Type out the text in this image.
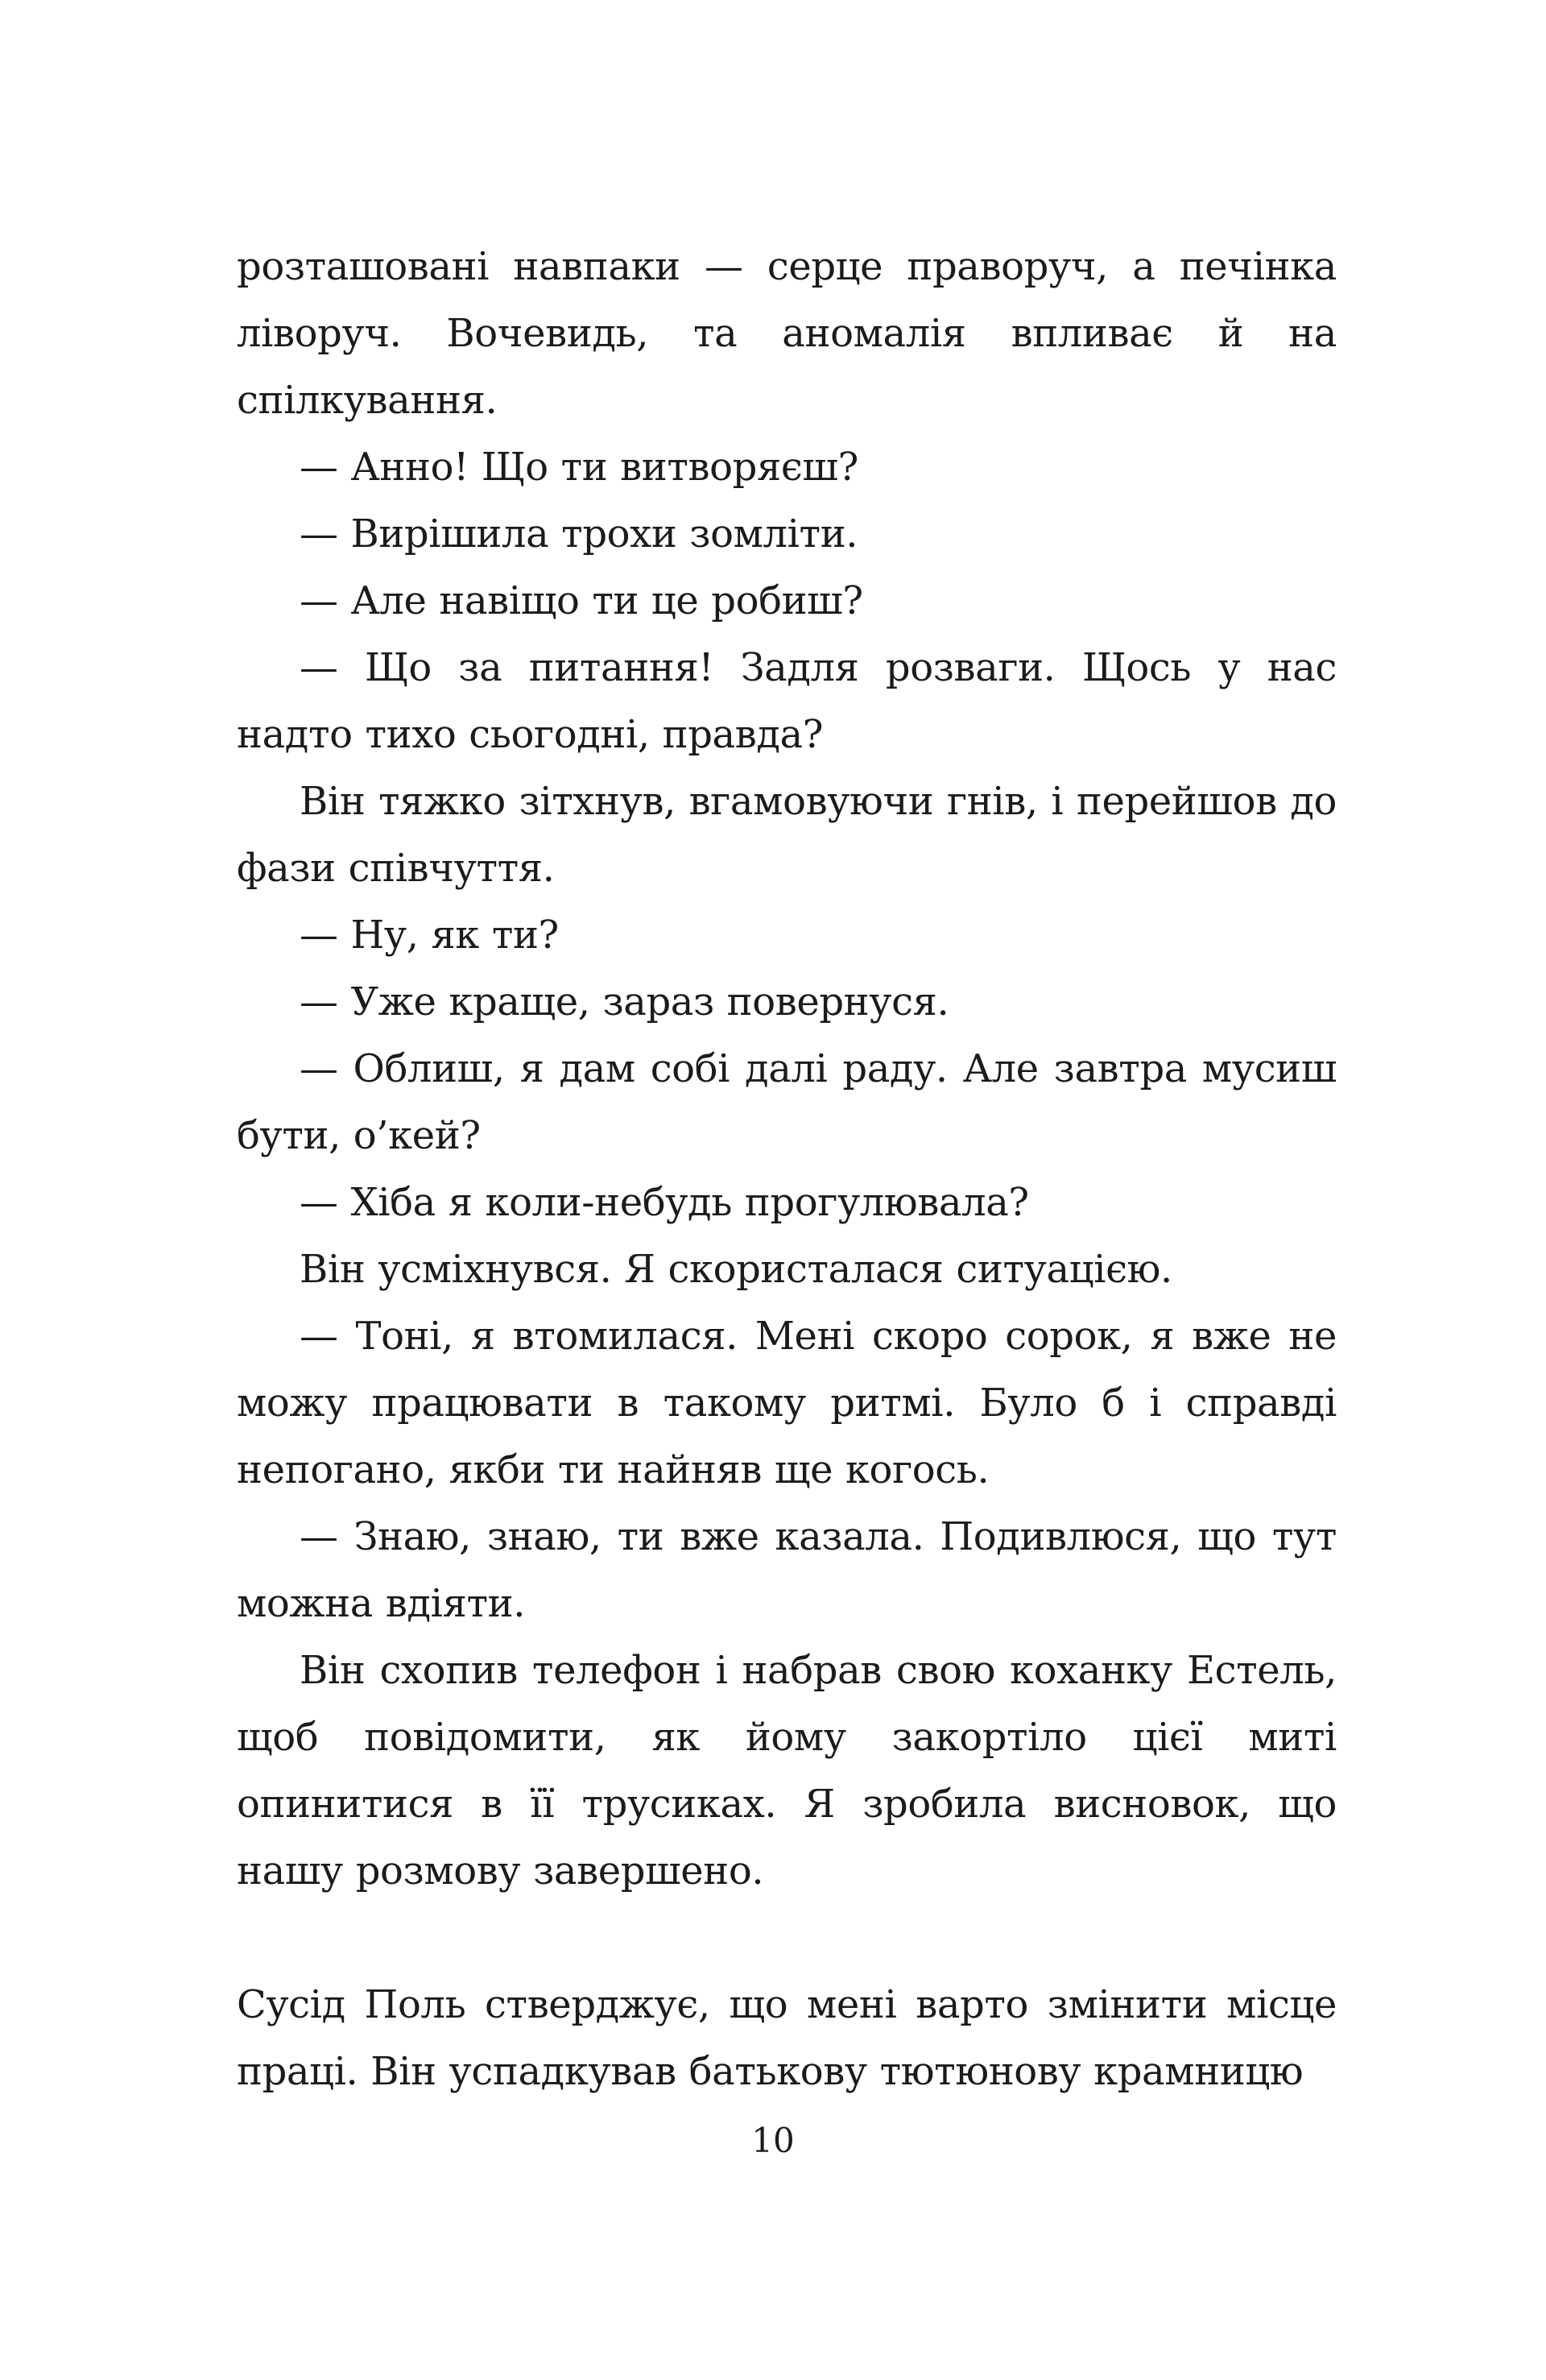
розташовані навпаки — серце праворуч, а печінка ліворуч. Вочевидь, та аномалія впливає й на спілкування.

— Анно! Що ти витворяєш?

— Вирішила трохи зомліти.

— Але навіщо ти це робиш?

— Що за питання! Задля розваги. Щось у нас надто тихо сьогодні, правда?

Він тяжко зітхнув, вгамовуючи гнів, і перейшов до фази співчуття.

— Ну, як ти?

— Уже краще, зараз повернуся.

— Облиш, я дам собі далі раду. Але завтра мусиш бути, о’кей?

— Хіба я коли-небудь прогулювала?

Він усміхнувся. Я скористалася ситуацією.

— Тоні, я втомилася. Мені скоро сорок, я вже не можу працювати в такому ритмі. Було б і справді непогано, якби ти найняв ще когось.

— Знаю, знаю, ти вже казала. Подивлюся, що тут можна вдіяти.

Він схопив телефон і набрав свою коханку Естель, щоб повідомити, як йому закортіло цієї миті опинитися в її трусиках. Я зробила висновок, що нашу розмову завершено.

Сусід Поль стверджує, що мені варто змінити місце праці. Він успадкував батькову тютюнову крамницю

10
